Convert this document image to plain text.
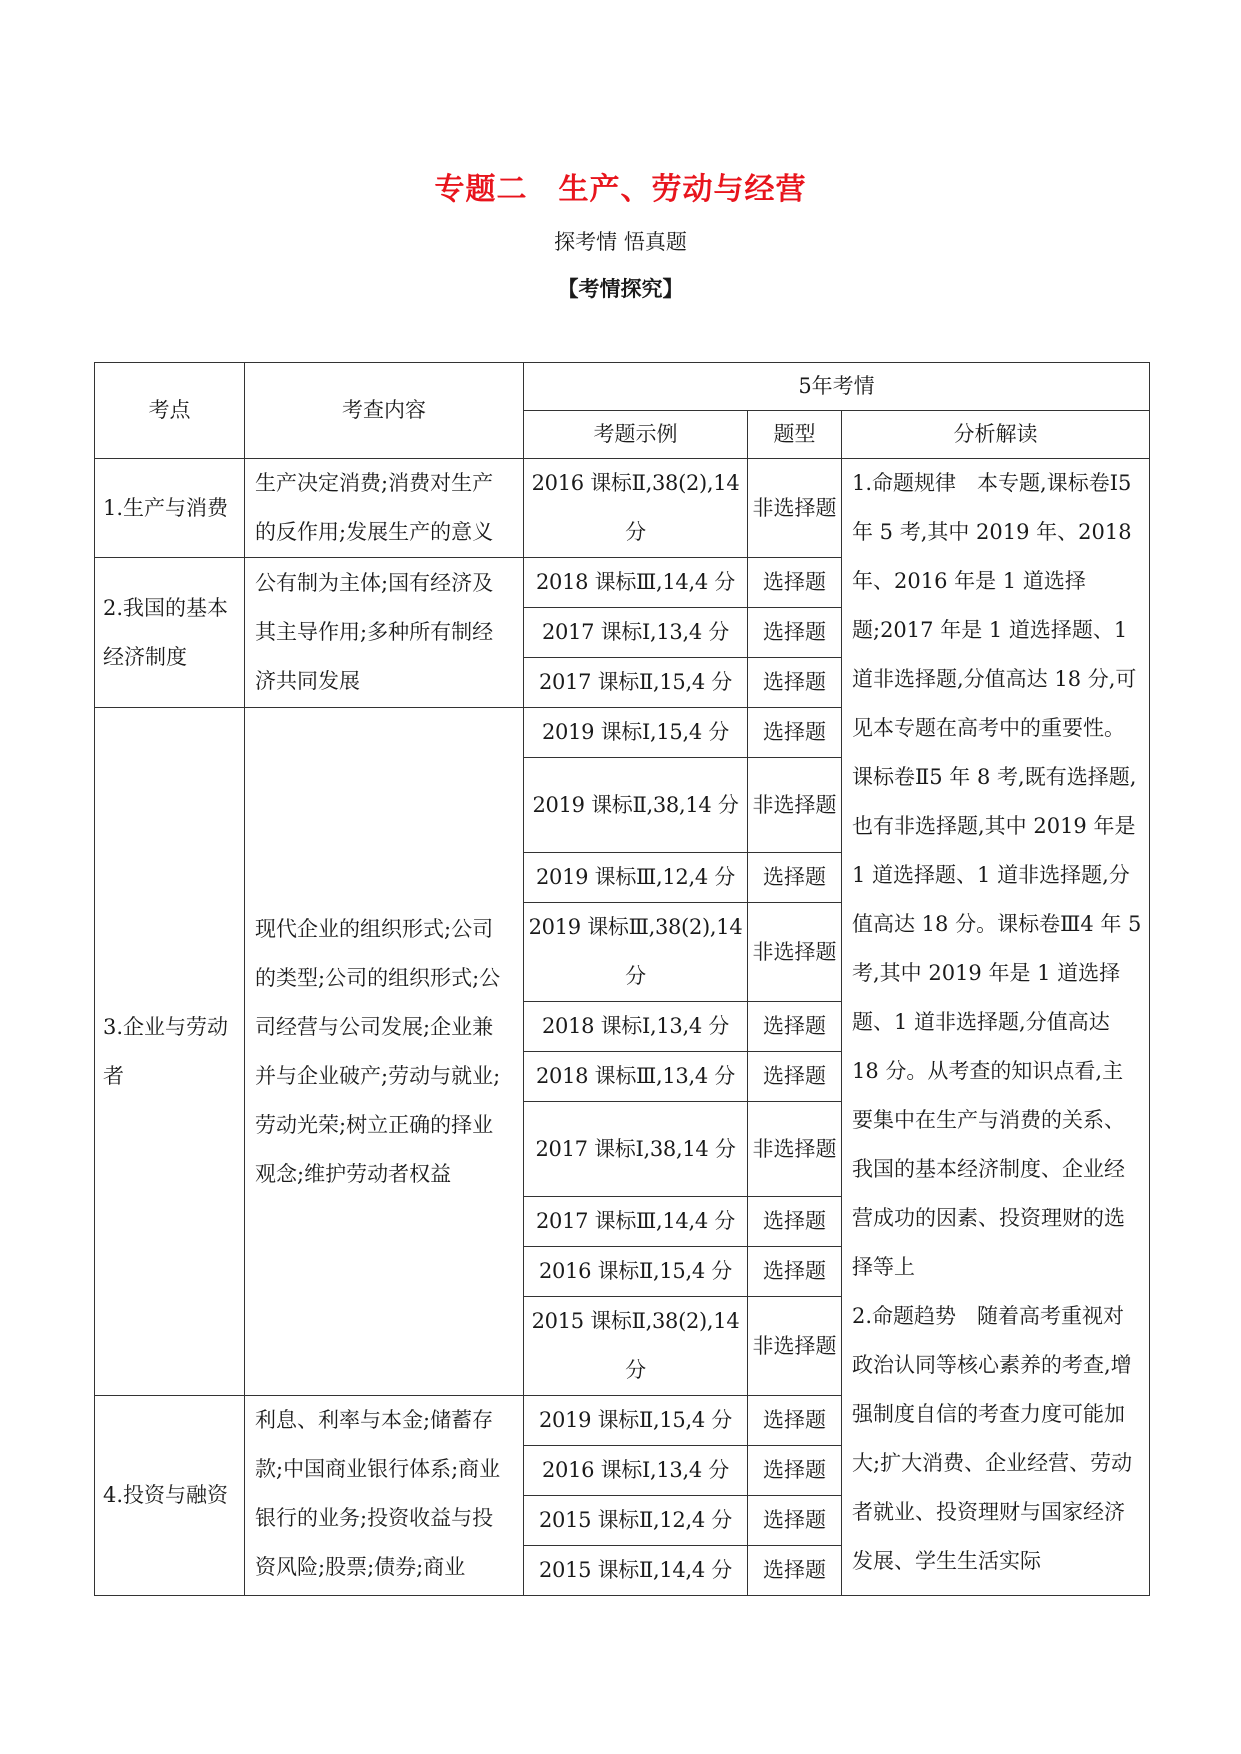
专题二　生产、劳动与经营
探考情 悟真题
【考情探究】
考点	考查内容	5年考情		
		考题示例	题型	分析解读
1.生产与消费	生产决定消费;消费对生产的反作用;发展生产的意义	2016 课标Ⅱ,38(2),14 分	非选择题	1.命题规律　本专题,课标卷Ⅰ5 年 5 考,其中 2019 年、2018 年、2016 年是 1 道选择题;2017 年是 1 道选择题、1 道非选择题,分值高达 18 分,可见本专题在高考中的重要性。课标卷Ⅱ5 年 8 考,既有选择题,也有非选择题,其中 2019 年是 1 道选择题、1 道非选择题,分值高达 18 分。课标卷Ⅲ4 年 5 考,其中 2019 年是 1 道选择题、1 道非选择题,分值高达 18 分。从考查的知识点看,主要集中在生产与消费的关系、我国的基本经济制度、企业经营成功的因素、投资理财的选择等上

2.命题趋势　随着高考重视对政治认同等核心素养的考查,增强制度自信的考查力度可能加大;扩大消费、企业经营、劳动者就业、投资理财与国家经济发展、学生生活实际

2.我国的基本经济制度	公有制为主体;国有经济及其主导作用;多种所有制经济共同发展	2018 课标Ⅲ,14,4 分	选择题	
		2017 课标Ⅰ,13,4 分	选择题	
		2017 课标Ⅱ,15,4 分	选择题	
3.企业与劳动者	现代企业的组织形式;公司的类型;公司的组织形式;公司经营与公司发展;企业兼并与企业破产;劳动与就业;劳动光荣;树立正确的择业观念;维护劳动者权益	2019 课标Ⅰ,15,4 分	选择题	
		2019 课标Ⅱ,38,14 分	非选择题	
		2019 课标Ⅲ,12,4 分	选择题	
		2019 课标Ⅲ,38(2),14 分	非选择题	
		2018 课标Ⅰ,13,4 分	选择题	
		2018 课标Ⅲ,13,4 分	选择题	
		2017 课标Ⅰ,38,14 分	非选择题	
		2017 课标Ⅲ,14,4 分	选择题	
		2016 课标Ⅱ,15,4 分	选择题	
		2015 课标Ⅱ,38(2),14 分	非选择题	
4.投资与融资	利息、利率与本金;储蓄存款;中国商业银行体系;商业银行的业务;投资收益与投资风险;股票;债券;商业	2019 课标Ⅱ,15,4 分	选择题	
		2016 课标Ⅰ,13,4 分	选择题	
		2015 课标Ⅱ,12,4 分	选择题	
		2015 课标Ⅱ,14,4 分	选择题	
